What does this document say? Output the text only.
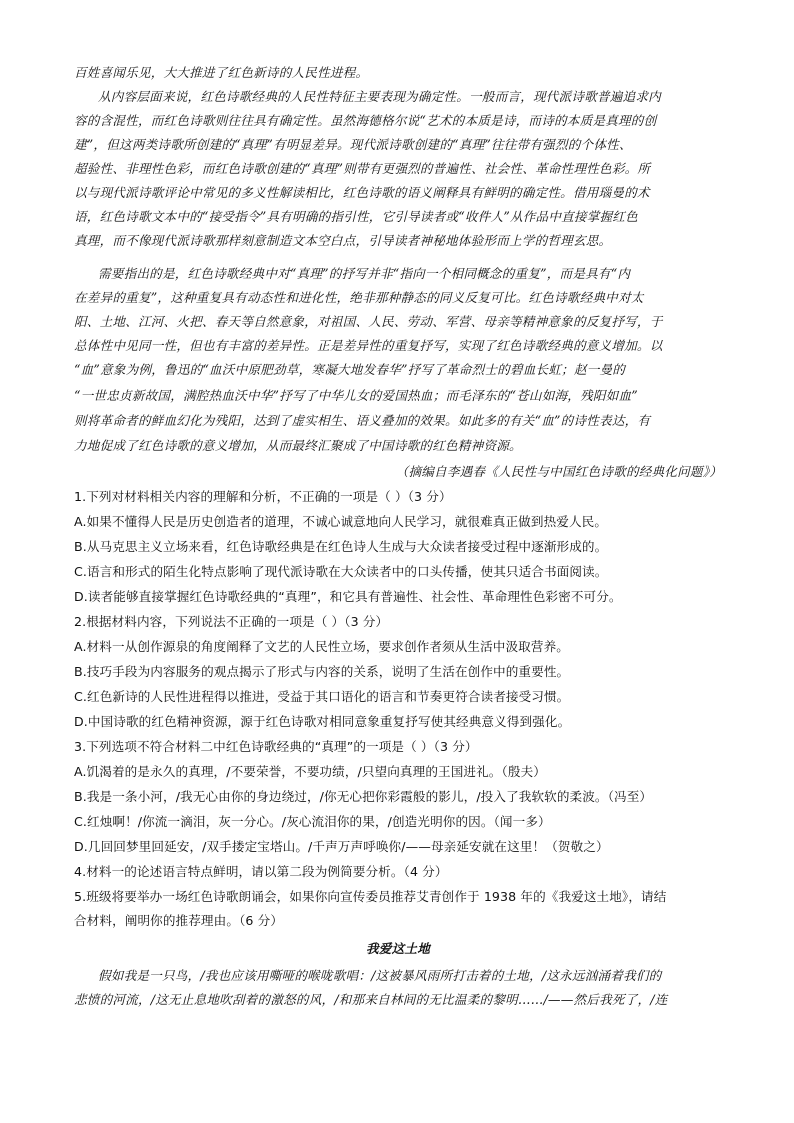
百姓喜闻乐见，大大推进了红色新诗的人民性进程。
从内容层面来说，红色诗歌经典的人民性特征主要表现为确定性。一般而言，现代派诗歌普遍追求内
容的含混性，而红色诗歌则往往具有确定性。虽然海德格尔说“艺术的本质是诗，而诗的本质是真理的创
建”，但这两类诗歌所创建的“真理”有明显差异。现代派诗歌创建的“真理”往往带有强烈的个体性、
超验性、非理性色彩，而红色诗歌创建的“真理”则带有更强烈的普遍性、社会性、革命性理性色彩。所
以与现代派诗歌评论中常见的多义性解读相比，红色诗歌的语义阐释具有鲜明的确定性。借用瑙曼的术
语，红色诗歌文本中的“接受指令”具有明确的指引性，它引导读者或“收件人”从作品中直接掌握红色
真理，而不像现代派诗歌那样刻意制造文本空白点，引导读者神秘地体验形而上学的哲理玄思。
需要指出的是，红色诗歌经典中对“真理”的抒写并非“指向一个相同概念的重复”，而是具有“内
在差异的重复”，这种重复具有动态性和进化性，绝非那种静态的同义反复可比。红色诗歌经典中对太
阳、土地、江河、火把、春天等自然意象，对祖国、人民、劳动、军营、母亲等精神意象的反复抒写，于
总体性中见同一性，但也有丰富的差异性。正是差异性的重复抒写，实现了红色诗歌经典的意义增加。以
“血”意象为例，鲁迅的“血沃中原肥劲草，寒凝大地发春华”抒写了革命烈士的碧血长虹；赵一曼的
“一世忠贞新故国，满腔热血沃中华”抒写了中华儿女的爱国热血；而毛泽东的“苍山如海，残阳如血”
则将革命者的鲜血幻化为残阳，达到了虚实相生、语义叠加的效果。如此多的有关“血”的诗性表达，有
力地促成了红色诗歌的意义增加，从而最终汇聚成了中国诗歌的红色精神资源。
（摘编自李遇春《人民性与中国红色诗歌的经典化问题》）
1.下列对材料相关内容的理解和分析，不正确的一项是（ ）（3 分）
A.如果不懂得人民是历史创造者的道理，不诚心诚意地向人民学习，就很难真正做到热爱人民。
B.从马克思主义立场来看，红色诗歌经典是在红色诗人生成与大众读者接受过程中逐渐形成的。
C.语言和形式的陌生化特点影响了现代派诗歌在大众读者中的口头传播，使其只适合书面阅读。
D.读者能够直接掌握红色诗歌经典的“真理”，和它具有普遍性、社会性、革命理性色彩密不可分。
2.根据材料内容，下列说法不正确的一项是（ ）（3 分）
A.材料一从创作源泉的角度阐释了文艺的人民性立场，要求创作者须从生活中汲取营养。
B.技巧手段为内容服务的观点揭示了形式与内容的关系，说明了生活在创作中的重要性。
C.红色新诗的人民性进程得以推进，受益于其口语化的语言和节奏更符合读者接受习惯。
D.中国诗歌的红色精神资源，源于红色诗歌对相同意象重复抒写使其经典意义得到强化。
3.下列选项不符合材料二中红色诗歌经典的“真理”的一项是（ ）（3 分）
A.饥渴着的是永久的真理，/不要荣誉，不要功绩，/只望向真理的王国进礼。（殷夫）
B.我是一条小河，/我无心由你的身边绕过，/你无心把你彩霞般的影儿，/投入了我软软的柔波。（冯至）
C.红烛啊！/你流一滴泪，灰一分心。/灰心流泪你的果，/创造光明你的因。（闻一多）
D.几回回梦里回延安，/双手搂定宝塔山。/千声万声呼唤你/——母亲延安就在这里！（贺敬之）
4.材料一的论述语言特点鲜明，请以第二段为例简要分析。（4 分）
5.班级将要举办一场红色诗歌朗诵会，如果你向宣传委员推荐艾青创作于 1938 年的《我爱这土地》，请结
合材料，阐明你的推荐理由。（6 分）
我爱这土地
假如我是一只鸟，/我也应该用嘶哑的喉咙歌唱：/这被暴风雨所打击着的土地，/这永远汹涌着我们的
悲愤的河流，/这无止息地吹刮着的激怒的风，/和那来自林间的无比温柔的黎明……/——然后我死了，/连
